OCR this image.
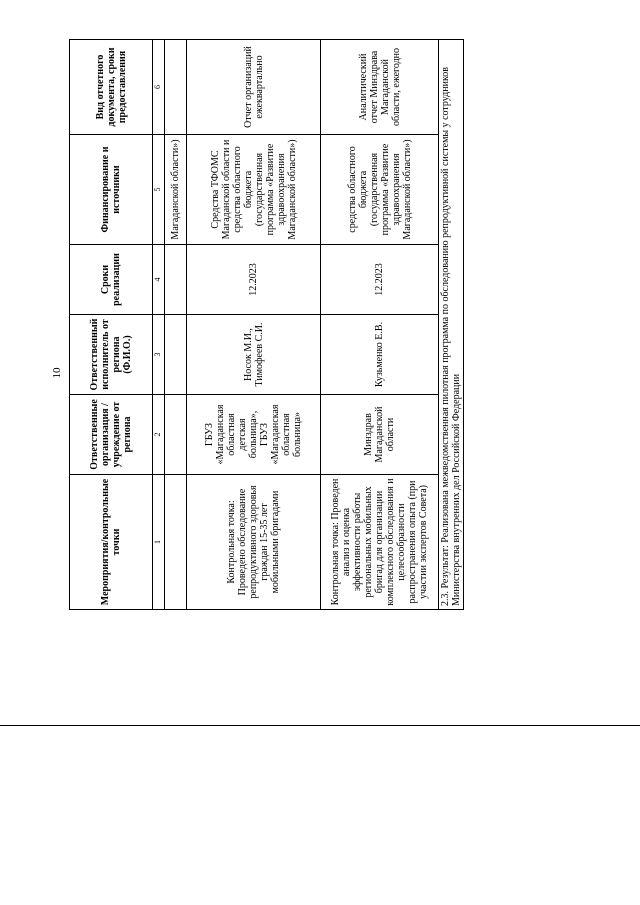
10
Мероприятия/контрольные точки	Ответственные организация / учреждение от региона	Ответственный исполнитель от региона (Ф.И.О.)	Сроки реализации	Финансирование и источники	Вид отчетного документа, сроки предоставления
1	2	3	4	5	6
				Магаданской области»)	
Контрольная точка: Проведено обследование репродуктивного здоровья граждан 15-35 лет мобильными бригадами	ГБУЗ «Магаданская областная детская больница», ГБУЗ «Магаданская областная больница»	Носок М.И., Тимофеев С.И.	12.2023	Средства ТФОМС Магаданской области и средства областного бюджета (государственная программа «Развитие здравоохранения Магаданской области»)	Отчет организаций ежеквартально
Контрольная точка: Проведен анализ и оценка эффективности работы региональных мобильных бригад для организации комплексного обследования и целесообразности распространения опыта (при участии экспертов Совета)	Минздрав Магаданской области	Кузьменко Е.В.	12.2023	средства областного бюджета (государственная программа «Развитие здравоохранения Магаданской области»)	Аналитический отчет Минздрава Магаданской области, ежегодно
2.3. Результат: Реализована межведомственная пилотная программа по обследованию репродуктивной системы у сотрудников Министерства внутренних дел Российской Федерации					
